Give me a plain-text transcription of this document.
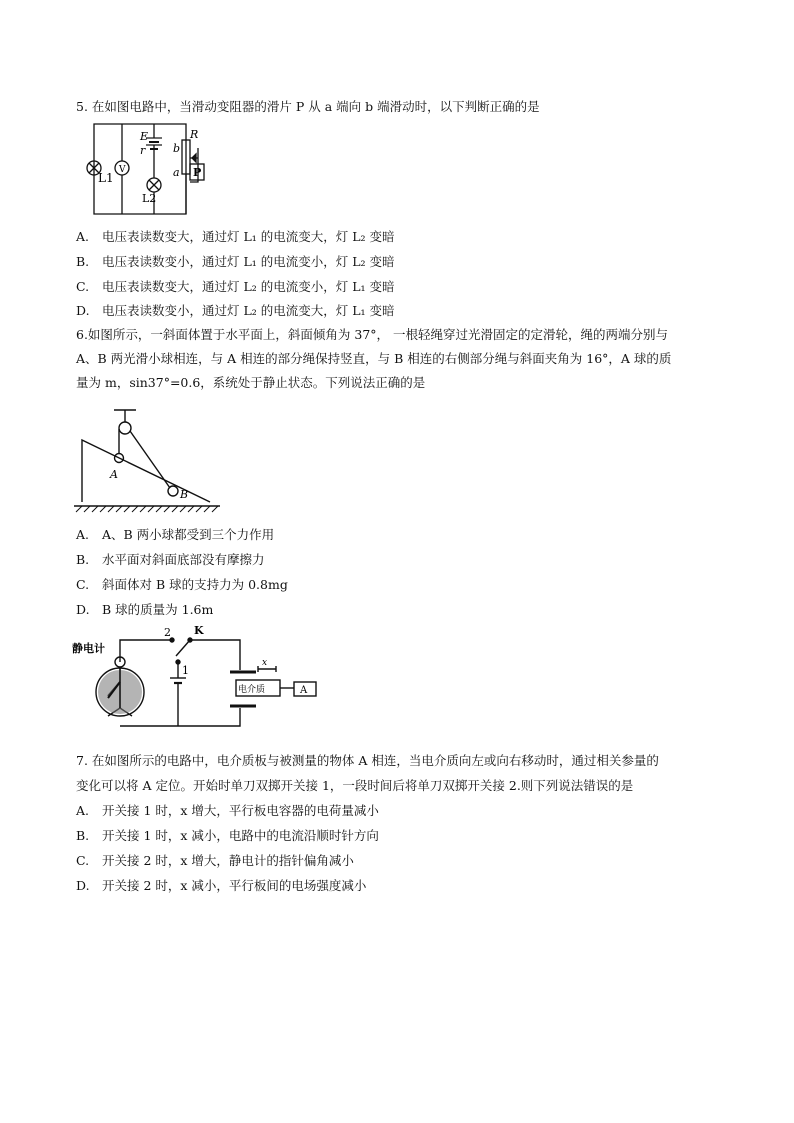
5. 在如图电路中，当滑动变阻器的滑片 P 从 a 端向 b 端滑动时，以下判断正确的是
L1
V
E
r
L2
b
R
a P
A. 电压表读数变大，通过灯 L₁ 的电流变大，灯 L₂ 变暗
B. 电压表读数变小，通过灯 L₁ 的电流变小，灯 L₂ 变暗
C. 电压表读数变大，通过灯 L₂ 的电流变小，灯 L₁ 变暗
D. 电压表读数变小，通过灯 L₂ 的电流变大，灯 L₁ 变暗
6.如图所示，一斜面体置于水平面上，斜面倾角为 37°， 一根轻绳穿过光滑固定的定滑轮，绳的两端分别与
A、B 两光滑小球相连，与 A 相连的部分绳保持竖直，与 B 相连的右侧部分绳与斜面夹角为 16°，A 球的质
量为 m，sin37°=0.6，系统处于静止状态。下列说法正确的是
A
B
A. A、B 两小球都受到三个力作用
B. 水平面对斜面底部没有摩擦力
C. 斜面体对 B 球的支持力为 0.8mg
D. B 球的质量为 1.6m
静电计
2 K
1
x
电介质	A
7. 在如图所示的电路中，电介质板与被测量的物体 A 相连，当电介质向左或向右移动时，通过相关参量的
变化可以将 A 定位。开始时单刀双掷开关接 1，一段时间后将单刀双掷开关接 2.则下列说法错误的是
A. 开关接 1 时，x 增大，平行板电容器的电荷量减小
B. 开关接 1 时，x 减小，电路中的电流沿顺时针方向
C. 开关接 2 时，x 增大，静电计的指针偏角减小
D. 开关接 2 时，x 减小，平行板间的电场强度减小
